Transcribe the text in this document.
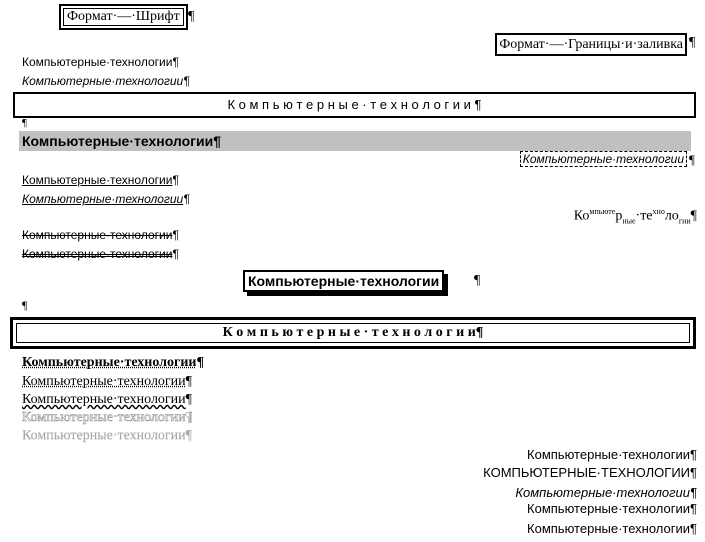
Формат·—·Шрифт ¶
Формат·—·Границы·и·заливка ¶
Компьютерные·технологии¶
Компьютерные·технологии¶
К о м п ь ю т е р н ы е · т е х н о л о г и и ¶
¶
Компьютерные·технологии¶
Компьютерные·технологии ¶
Компьютерные·технологии¶
Компьютерные·технологии¶
$Ко^{мпьюте}р_{ные}\cdot те^{хно}ло_{гии}\P$
Компьютерные·технологии¶
Компьютерные·технологии¶
Компьютерные·технологии	¶
¶
К о м п ь ю т е р н ы е · т е х н о л о г и и¶
Компьютерные·технологии¶
Компьютерные·технологии¶
Компьютерные·технологии¶
Компьютерные·технологии¶
Компьютерные·технологии¶
Компьютерные·технологии¶
КОМПЬЮТЕРНЫЕ·ТЕХНОЛОГИИ¶
Компьютерные·технологии¶
Компьютерные·технологии¶
Компьютерные·технологии¶
